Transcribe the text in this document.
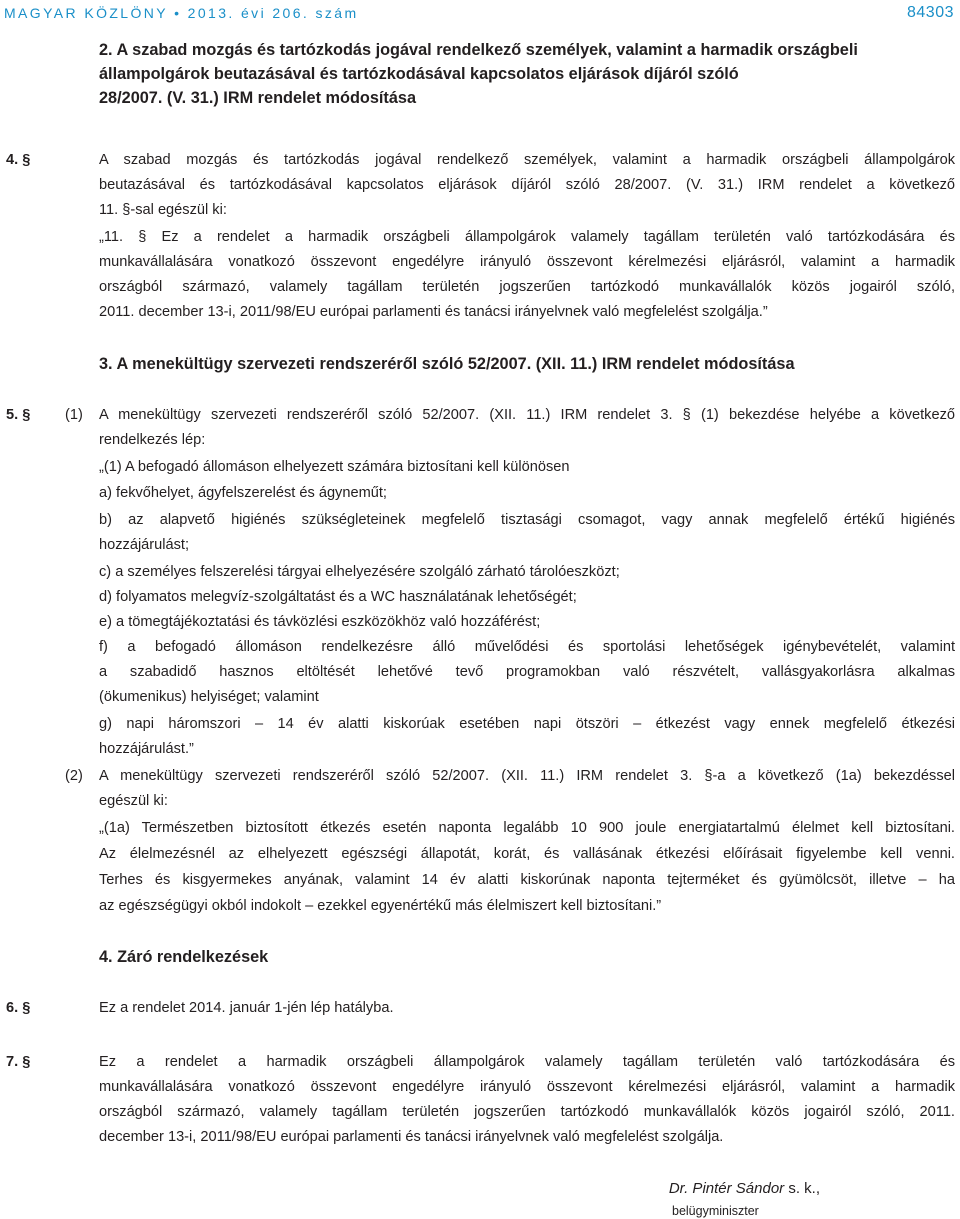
MAGYAR KÖZLÖNY • 2013. évi 206. szám	84303
2. A szabad mozgás és tartózkodás jogával rendelkező személyek, valamint a harmadik országbeli
állampolgárok beutazásával és tartózkodásával kapcsolatos eljárások díjáról szóló
28/2007. (V. 31.) IRM rendelet módosítása
4. §	A szabad mozgás és tartózkodás jogával rendelkező személyek, valamint a harmadik országbeli állampolgárok
beutazásával és tartózkodásával kapcsolatos eljárások díjáról szóló 28/2007. (V. 31.) IRM rendelet a következő
11. §-sal egészül ki:
„11. § Ez a rendelet a harmadik országbeli állampolgárok valamely tagállam területén való tartózkodására és
munkavállalására vonatkozó összevont engedélyre irányuló összevont kérelmezési eljárásról, valamint a harmadik
országból származó, valamely tagállam területén jogszerűen tartózkodó munkavállalók közös jogairól szóló,
2011. december 13-i, 2011/98/EU európai parlamenti és tanácsi irányelvnek való megfelelést szolgálja.”
3. A menekültügy szervezeti rendszeréről szóló 52/2007. (XII. 11.) IRM rendelet módosítása
5. § (1) A menekültügy szervezeti rendszeréről szóló 52/2007. (XII. 11.) IRM rendelet 3. § (1) bekezdése helyébe a következő
rendelkezés lép:
„(1) A befogadó állomáson elhelyezett számára biztosítani kell különösen
a) fekvőhelyet, ágyfelszerelést és ágyneműt;
b) az alapvető higiénés szükségleteinek megfelelő tisztasági csomagot, vagy annak megfelelő értékű higiénés
hozzájárulást;
c) a személyes felszerelési tárgyai elhelyezésére szolgáló zárható tárolóeszközt;
d) folyamatos melegvíz-szolgáltatást és a WC használatának lehetőségét;
e) a tömegtájékoztatási és távközlési eszközökhöz való hozzáférést;
f) a befogadó állomáson rendelkezésre álló művelődési és sportolási lehetőségek igénybevételét, valamint
a szabadidő hasznos eltöltését lehetővé tevő programokban való részvételt, vallásgyakorlásra alkalmas
(ökumenikus) helyiséget; valamint
g) napi háromszori – 14 év alatti kiskorúak esetében napi ötszöri – étkezést vagy ennek megfelelő étkezési
hozzájárulást.”
(2) A menekültügy szervezeti rendszeréről szóló 52/2007. (XII. 11.) IRM rendelet 3. §-a a következő (1a) bekezdéssel
egészül ki:
„(1a) Természetben biztosított étkezés esetén naponta legalább 10 900 joule energiatartalmú élelmet kell biztosítani.
Az élelmezésnél az elhelyezett egészségi állapotát, korát, és vallásának étkezési előírásait figyelembe kell venni.
Terhes és kisgyermekes anyának, valamint 14 év alatti kiskorúnak naponta tejterméket és gyümölcsöt, illetve – ha
az egészségügyi okból indokolt – ezekkel egyenértékű más élelmiszert kell biztosítani.”
4. Záró rendelkezések
6. §	Ez a rendelet 2014. január 1-jén lép hatályba.
7. §	Ez a rendelet a harmadik országbeli állampolgárok valamely tagállam területén való tartózkodására és
munkavállalására vonatkozó összevont engedélyre irányuló összevont kérelmezési eljárásról, valamint a harmadik
országból származó, valamely tagállam területén jogszerűen tartózkodó munkavállalók közös jogairól szóló, 2011.
december 13-i, 2011/98/EU európai parlamenti és tanácsi irányelvnek való megfelelést szolgálja.
Dr. Pintér Sándor s. k.,
belügyminiszter
